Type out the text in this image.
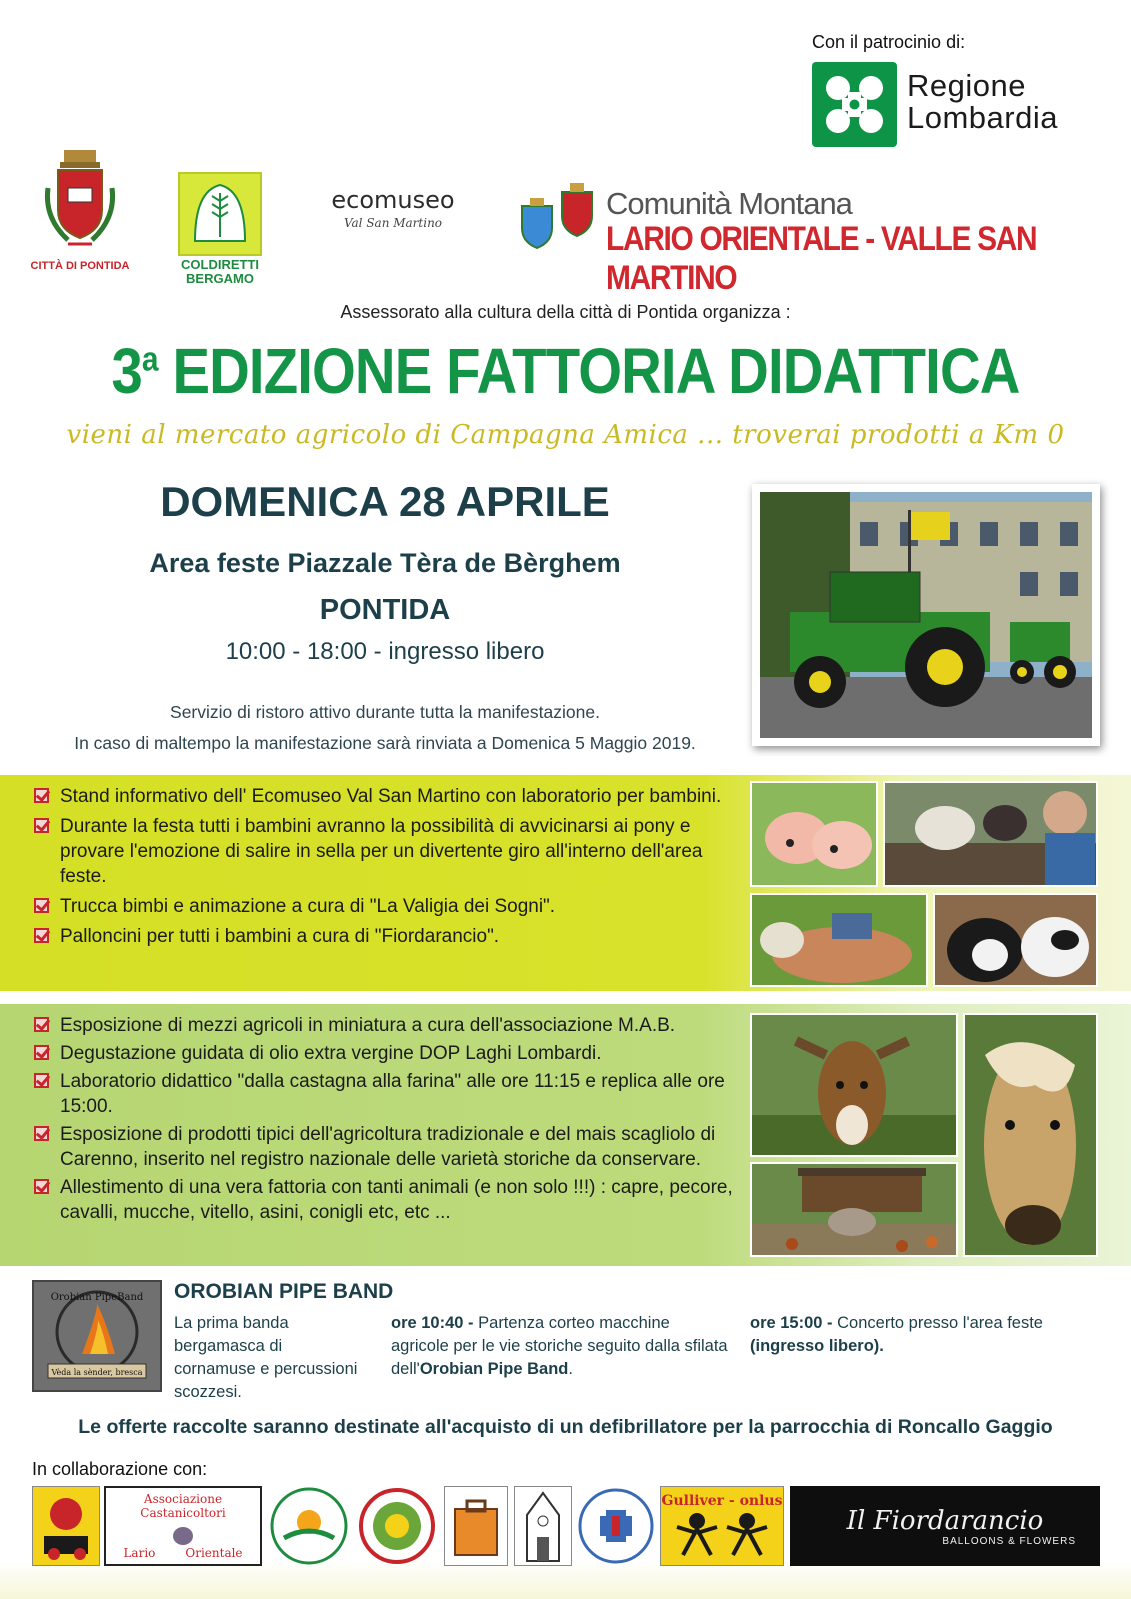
Con il patrocinio di:
Regione
Lombardia
CITTÀ DI PONTIDA	COLDIRETTI
BERGAMO
ecomuseo
Val San Martino
Comunità Montana
LARIO ORIENTALE - VALLE SAN MARTINO
Assessorato alla cultura della città di Pontida organizza :
3$^a$ EDIZIONE FATTORIA DIDATTICA
vieni al mercato agricolo di Campagna Amica ... troverai prodotti a Km 0
DOMENICA 28 APRILE
Area feste Piazzale Tèra de Bèrghem
PONTIDA
10:00 - 18:00 - ingresso libero
Servizio di ristoro attivo durante tutta la manifestazione.
In caso di maltempo la manifestazione sarà rinviata a Domenica 5 Maggio 2019.
Stand informativo dell' Ecomuseo Val San Martino con laboratorio per bambini.
Durante la festa tutti i bambini avranno la possibilità di avvicinarsi ai pony e provare l'emozione di salire in sella per un divertente giro all'interno dell'area feste.
Trucca bimbi e animazione a cura di "La Valigia dei Sogni".
Palloncini per tutti i bambini a cura di "Fiordarancio".
Esposizione di mezzi agricoli in miniatura a cura dell'associazione M.A.B.
Degustazione guidata di olio extra vergine DOP Laghi Lombardi.
Laboratorio didattico "dalla castagna alla farina" alle ore 11:15 e replica alle ore 15:00.
Esposizione di prodotti tipici dell'agricoltura tradizionale e del mais scagliolo di Carenno, inserito nel registro nazionale delle varietà storiche da conservare.
Allestimento di una vera fattoria con tanti animali (e non solo !!!) : capre, pecore, cavalli, mucche, vitello, asini, conigli etc, etc ...
Orobian PipeBand
Vèda la sènder, bresca
OROBIAN PIPE BAND
La prima banda bergamasca di cornamuse e percussioni scozzesi.
ore 10:40 - Partenza corteo macchine agricole per le vie storiche seguito dalla sfilata dell'Orobian Pipe Band.
ore 15:00 - Concerto presso l'area feste (ingresso libero).
Le offerte raccolte saranno destinate all'acquisto di un defibrillatore per la parrocchia di Roncallo Gaggio
In collaborazione con:
Associazione Castanicoltori
Lario	Orientale
Gulliver - onlus
Il Fiordarancio
BALLOONS & FLOWERS
